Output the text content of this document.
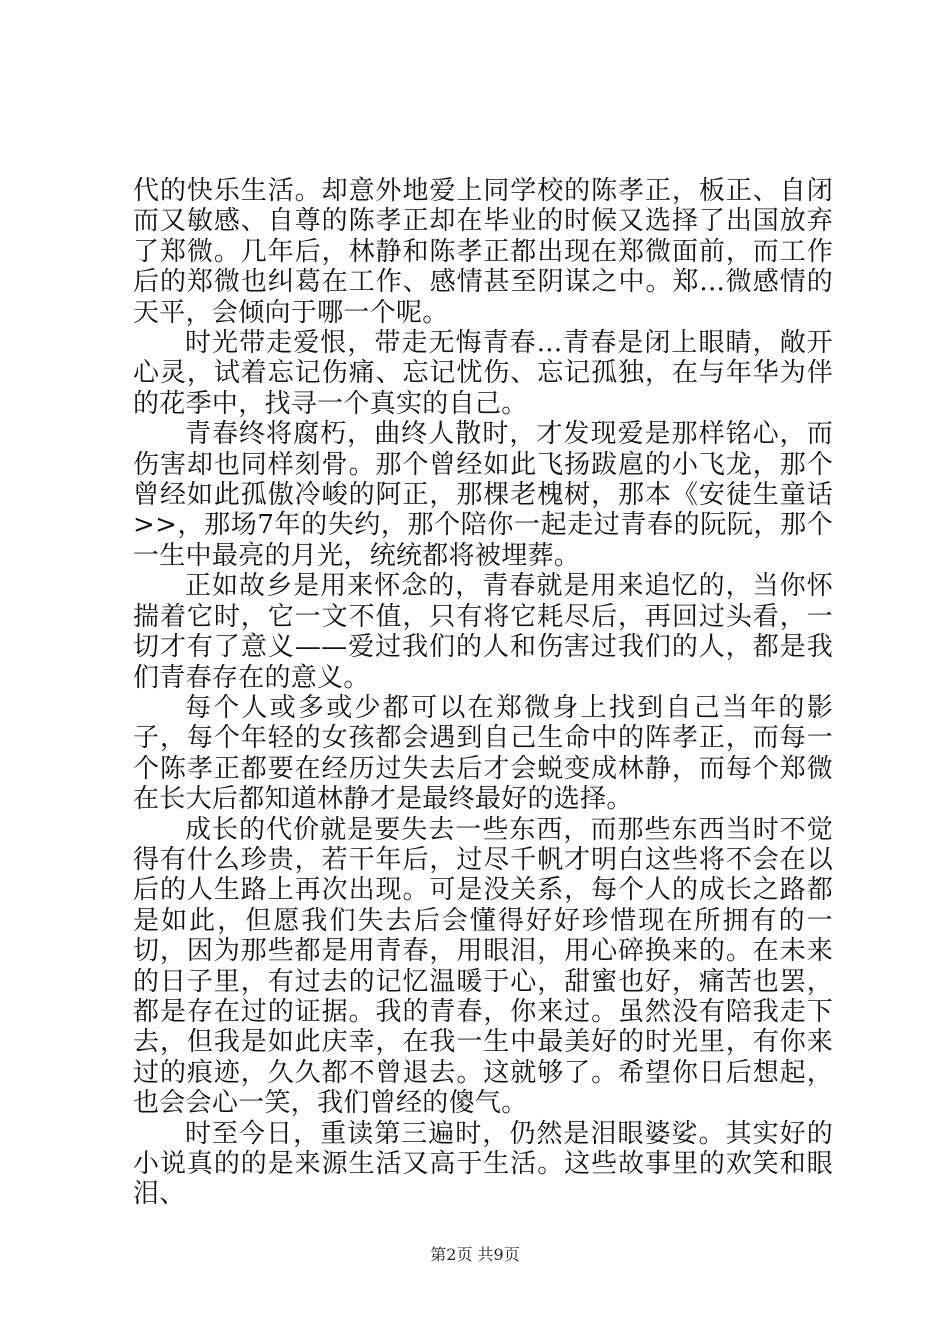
代的快乐生活。却意外地爱上同学校的陈孝正，板正、自闭而又敏感、自尊的陈孝正却在毕业的时候又选择了出国放弃了郑微。几年后，林静和陈孝正都出现在郑微面前，而工作后的郑微也纠葛在工作、感情甚至阴谋之中。郑...微感情的天平，会倾向于哪一个呢。

时光带走爱恨，带走无悔青春...青春是闭上眼睛，敞开心灵，试着忘记伤痛、忘记忧伤、忘记孤独，在与年华为伴的花季中，找寻一个真实的自己。

青春终将腐朽，曲终人散时，才发现爱是那样铭心，而伤害却也同样刻骨。那个曾经如此飞扬跋扈的小飞龙，那个曾经如此孤傲冷峻的阿正，那棵老槐树，那本《安徒生童话>>，那场7年的失约，那个陪你一起走过青春的阮阮，那个一生中最亮的月光，统统都将被埋葬。

正如故乡是用来怀念的，青春就是用来追忆的，当你怀揣着它时，它一文不值，只有将它耗尽后，再回过头看，一切才有了意义——爱过我们的人和伤害过我们的人，都是我们青春存在的意义。

每个人或多或少都可以在郑微身上找到自己当年的影子，每个年轻的女孩都会遇到自己生命中的阵孝正，而每一个陈孝正都要在经历过失去后才会蜕变成林静，而每个郑微在长大后都知道林静才是最终最好的选择。

成长的代价就是要失去一些东西，而那些东西当时不觉得有什么珍贵，若干年后，过尽千帆才明白这些将不会在以后的人生路上再次出现。可是没关系，每个人的成长之路都是如此，但愿我们失去后会懂得好好珍惜现在所拥有的一切，因为那些都是用青春，用眼泪，用心碎换来的。在未来的日子里，有过去的记忆温暖于心，甜蜜也好，痛苦也罢，都是存在过的证据。我的青春，你来过。虽然没有陪我走下去，但我是如此庆幸，在我一生中最美好的时光里，有你来过的痕迹，久久都不曾退去。这就够了。希望你日后想起，也会会心一笑，我们曾经的傻气。

时至今日，重读第三遍时，仍然是泪眼婆娑。其实好的小说真的的是来源生活又高于生活。这些故事里的欢笑和眼泪、

第2页 共9页
